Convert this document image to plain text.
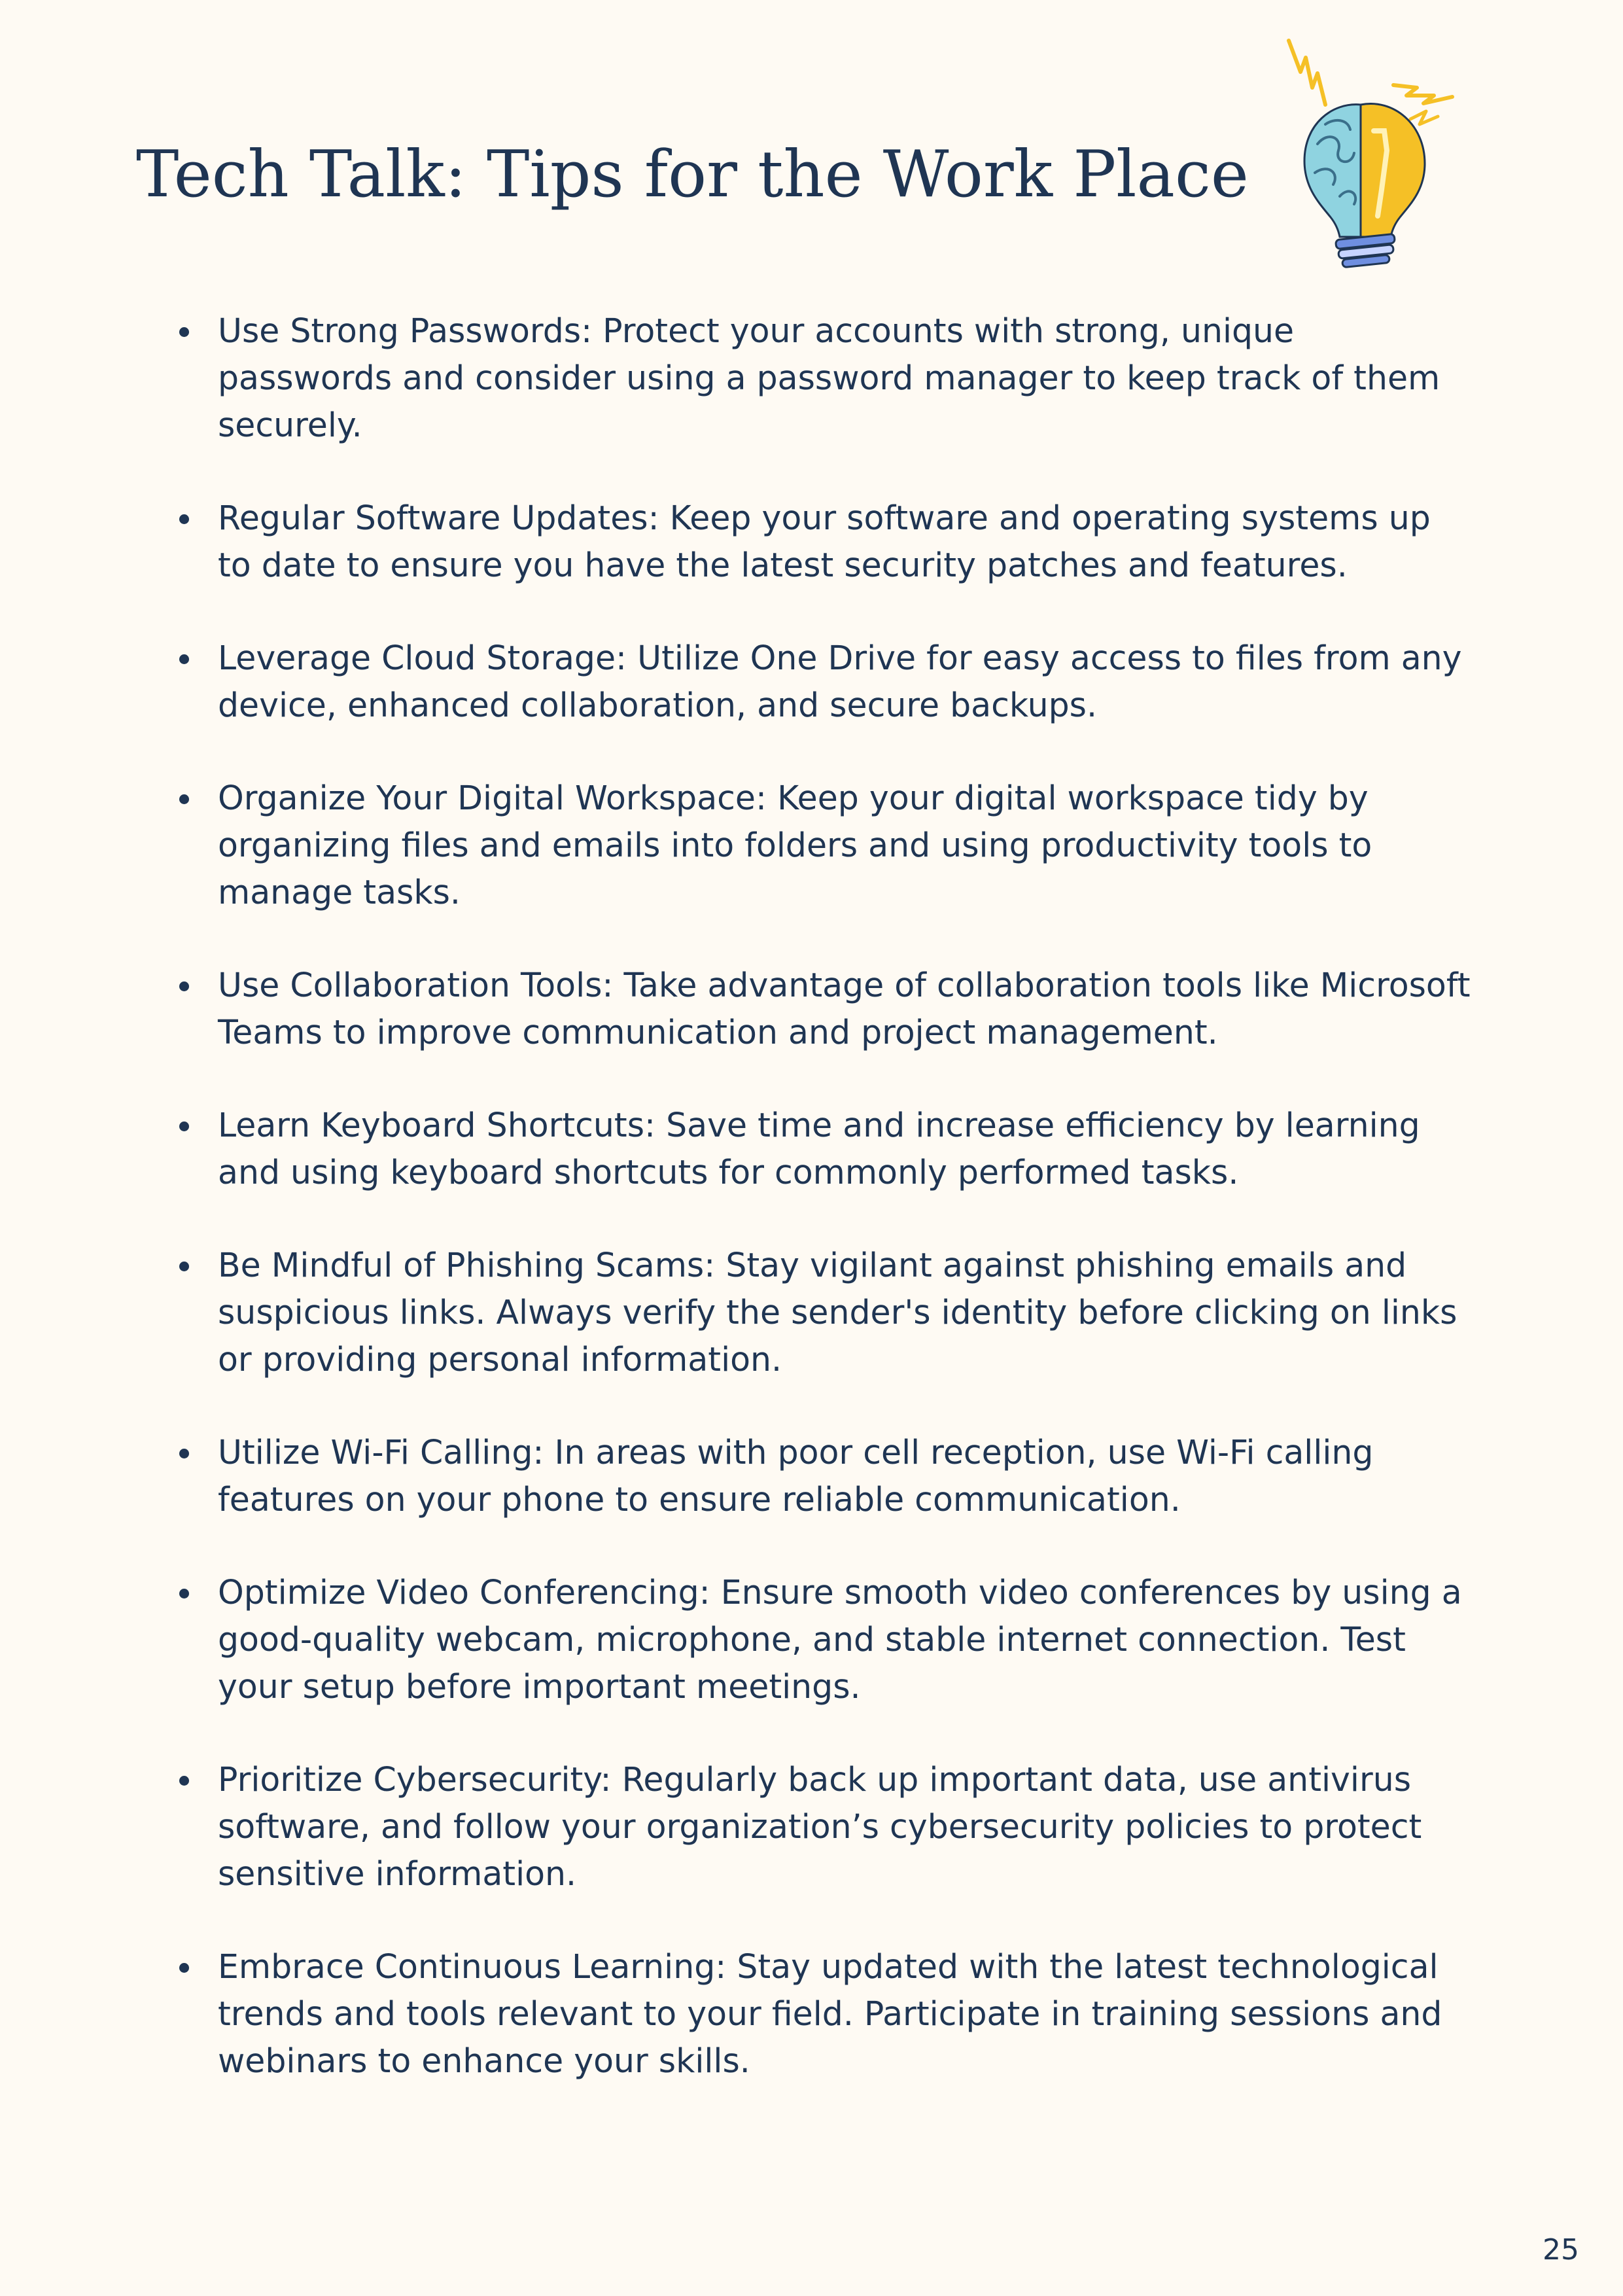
Tech Talk: Tips for the Work Place
Use Strong Passwords: Protect your accounts with strong, unique passwords and consider using a password manager to keep track of them securely.
Regular Software Updates: Keep your software and operating systems up to date to ensure you have the latest security patches and features.
Leverage Cloud Storage: Utilize One Drive for easy access to files from any device, enhanced collaboration, and secure backups.
Organize Your Digital Workspace: Keep your digital workspace tidy by organizing files and emails into folders and using productivity tools to manage tasks.
Use Collaboration Tools: Take advantage of collaboration tools like Microsoft Teams to improve communication and project management.
Learn Keyboard Shortcuts: Save time and increase efficiency by learning and using keyboard shortcuts for commonly performed tasks.
Be Mindful of Phishing Scams: Stay vigilant against phishing emails and suspicious links. Always verify the sender's identity before clicking on links or providing personal information.
Utilize Wi-Fi Calling: In areas with poor cell reception, use Wi-Fi calling features on your phone to ensure reliable communication.
Optimize Video Conferencing: Ensure smooth video conferences by using a good-quality webcam, microphone, and stable internet connection. Test your setup before important meetings.
Prioritize Cybersecurity: Regularly back up important data, use antivirus software, and follow your organization’s cybersecurity policies to protect sensitive information.
Embrace Continuous Learning: Stay updated with the latest technological trends and tools relevant to your field. Participate in training sessions and webinars to enhance your skills.
25
